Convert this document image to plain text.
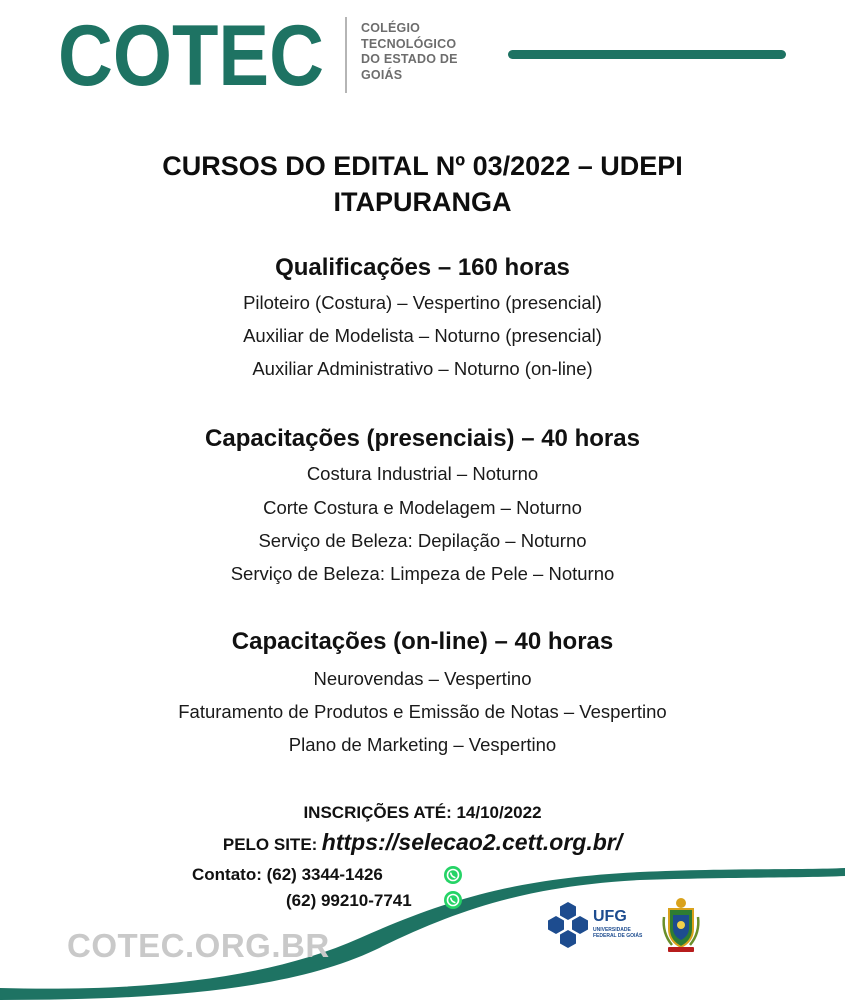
COTEC	COLÉGIO
TECNOLÓGICO
DO ESTADO DE
GOIÁS
CURSOS DO EDITAL Nº 03/2022 – UDEPI
ITAPURANGA
Qualificações – 160 horas
Piloteiro (Costura) – Vespertino (presencial)
Auxiliar de Modelista – Noturno (presencial)
Auxiliar Administrativo – Noturno (on-line)
Capacitações (presenciais) – 40 horas
Costura Industrial – Noturno
Corte Costura e Modelagem – Noturno
Serviço de Beleza: Depilação – Noturno
Serviço de Beleza: Limpeza de Pele – Noturno
Capacitações (on-line) – 40 horas
Neurovendas – Vespertino
Faturamento de Produtos e Emissão de Notas – Vespertino
Plano de Marketing – Vespertino
INSCRIÇÕES ATÉ: 14/10/2022
PELO SITE: https://selecao2.cett.org.br/
Contato: (62) 3344-1426
(62) 99210-7741
COTEC.ORG.BR
UFG
UNIVERSIDADE FEDERAL DE GOIÁS
